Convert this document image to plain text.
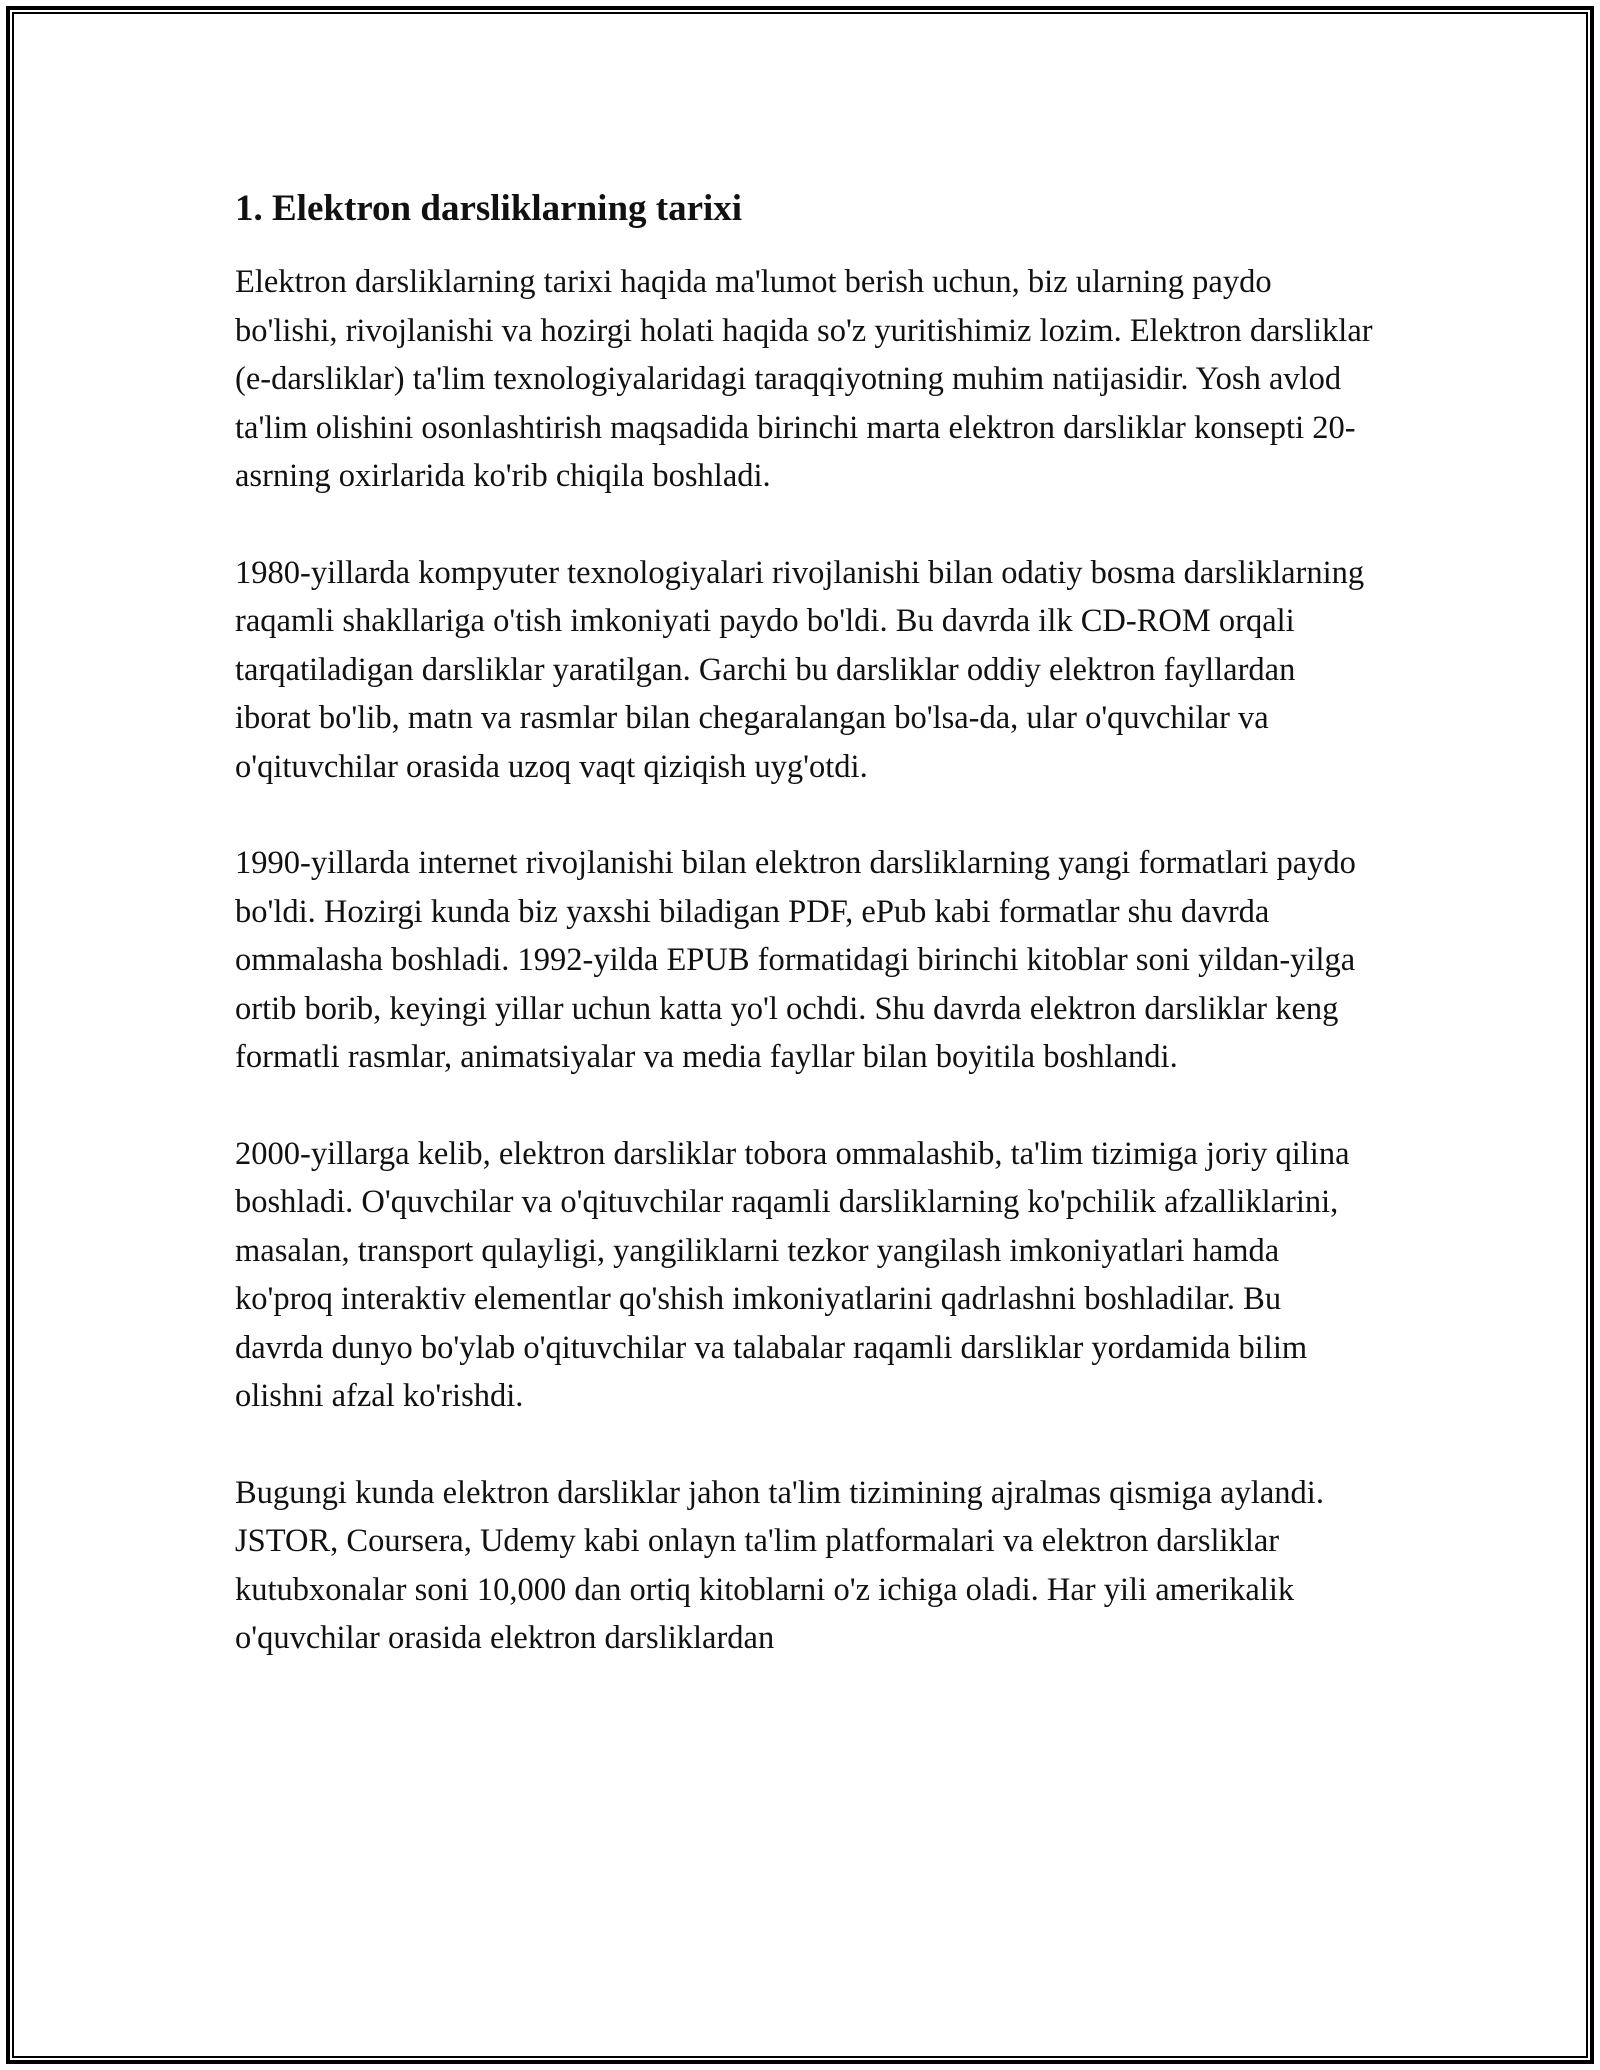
1. Elektron darsliklarning tarixi

Elektron darsliklarning tarixi haqida ma'lumot berish uchun, biz ularning paydo bo'lishi, rivojlanishi va hozirgi holati haqida so'z yuritishimiz lozim. Elektron darsliklar (e-darsliklar) ta'lim texnologiyalaridagi taraqqiyotning muhim natijasidir. Yosh avlod ta'lim olishini osonlashtirish maqsadida birinchi marta elektron darsliklar konsepti 20-asrning oxirlarida ko'rib chiqila boshladi.

1980-yillarda kompyuter texnologiyalari rivojlanishi bilan odatiy bosma darsliklarning raqamli shakllariga o'tish imkoniyati paydo bo'ldi. Bu davrda ilk CD-ROM orqali tarqatiladigan darsliklar yaratilgan. Garchi bu darsliklar oddiy elektron fayllardan iborat bo'lib, matn va rasmlar bilan chegaralangan bo'lsa-da, ular o'quvchilar va o'qituvchilar orasida uzoq vaqt qiziqish uyg'otdi.

1990-yillarda internet rivojlanishi bilan elektron darsliklarning yangi formatlari paydo bo'ldi. Hozirgi kunda biz yaxshi biladigan PDF, ePub kabi formatlar shu davrda ommalasha boshladi. 1992-yilda EPUB formatidagi birinchi kitoblar soni yildan-yilga ortib borib, keyingi yillar uchun katta yo'l ochdi. Shu davrda elektron darsliklar keng formatli rasmlar, animatsiyalar va media fayllar bilan boyitila boshlandi.

2000-yillarga kelib, elektron darsliklar tobora ommalashib, ta'lim tizimiga joriy qilina boshladi. O'quvchilar va o'qituvchilar raqamli darsliklarning ko'pchilik afzalliklarini, masalan, transport qulayligi, yangiliklarni tezkor yangilash imkoniyatlari hamda ko'proq interaktiv elementlar qo'shish imkoniyatlarini qadrlashni boshladilar. Bu davrda dunyo bo'ylab o'qituvchilar va talabalar raqamli darsliklar yordamida bilim olishni afzal ko'rishdi.

Bugungi kunda elektron darsliklar jahon ta'lim tizimining ajralmas qismiga aylandi. JSTOR, Coursera, Udemy kabi onlayn ta'lim platformalari va elektron darsliklar kutubxonalar soni 10,000 dan ortiq kitoblarni o'z ichiga oladi. Har yili amerikalik o'quvchilar orasida elektron darsliklardan
